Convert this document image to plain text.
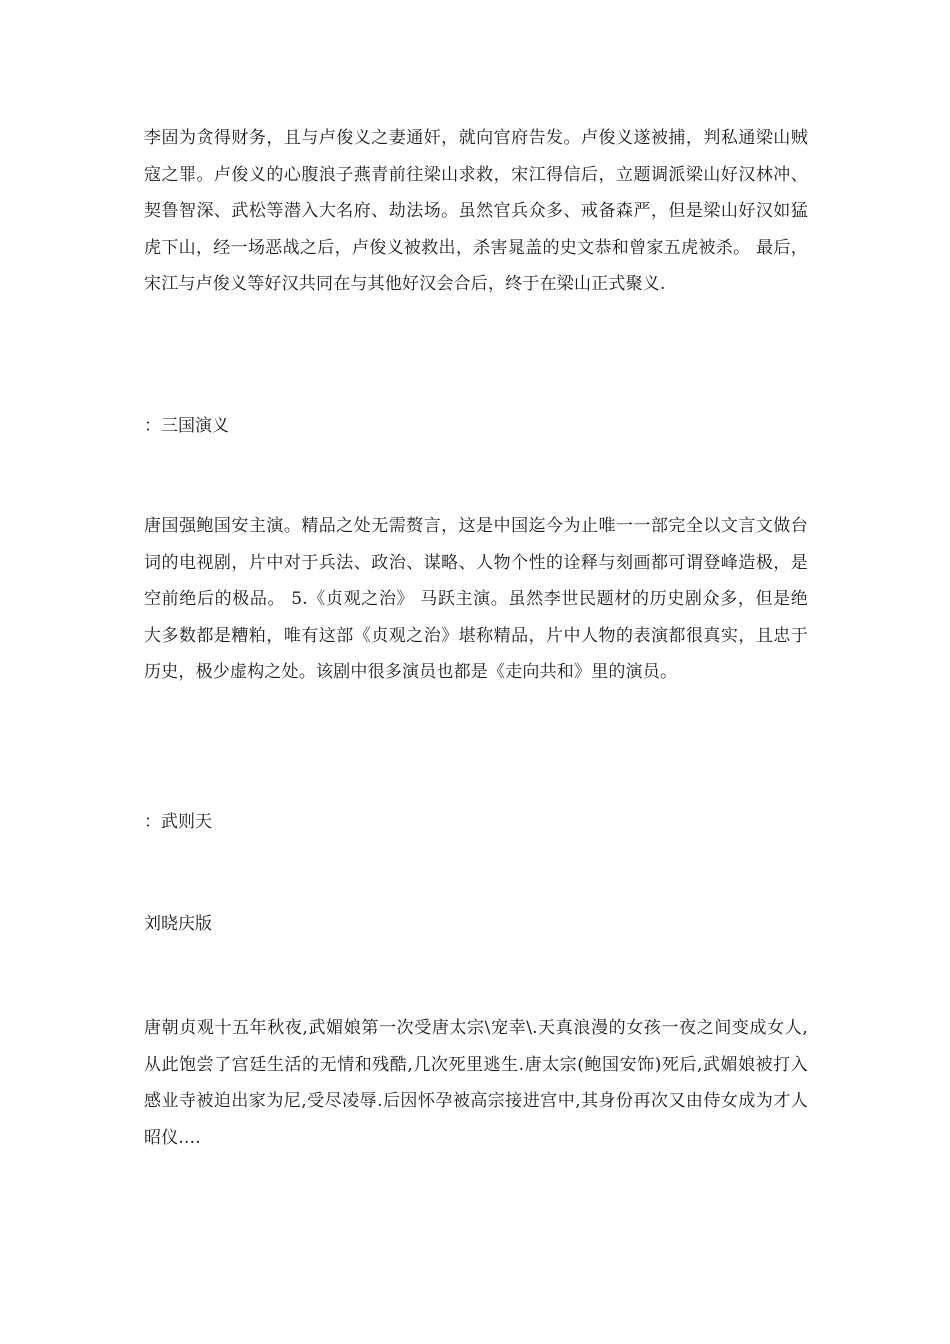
李固为贪得财务，且与卢俊义之妻通奸，就向官府告发。卢俊义遂被捕，判私通梁山贼寇之罪。卢俊义的心腹浪子燕青前往梁山求救，宋江得信后，立题调派梁山好汉林冲、契鲁智深、武松等潜入大名府、劫法场。虽然官兵众多、戒备森严，但是梁山好汉如猛虎下山，经一场恶战之后，卢俊义被救出，杀害晁盖的史文恭和曾家五虎被杀。 最后，宋江与卢俊义等好汉共同在与其他好汉会合后，终于在梁山正式聚义.

：三国演义

唐国强鲍国安主演。精品之处无需赘言，这是中国迄今为止唯一一部完全以文言文做台词的电视剧，片中对于兵法、政治、谋略、人物个性的诠释与刻画都可谓登峰造极，是空前绝后的极品。 5.《贞观之治》 马跃主演。虽然李世民题材的历史剧众多，但是绝大多数都是糟粕，唯有这部《贞观之治》堪称精品，片中人物的表演都很真实，且忠于历史，极少虚构之处。该剧中很多演员也都是《走向共和》里的演员。

：武则天

刘晓庆版

唐朝贞观十五年秋夜,武媚娘第一次受唐太宗\宠幸\.天真浪漫的女孩一夜之间变成女人,从此饱尝了宫廷生活的无情和残酷,几次死里逃生.唐太宗(鲍国安饰)死后,武媚娘被打入感业寺被迫出家为尼,受尽凌辱.后因怀孕被高宗接进宫中,其身份再次又由侍女成为才人昭仪....
